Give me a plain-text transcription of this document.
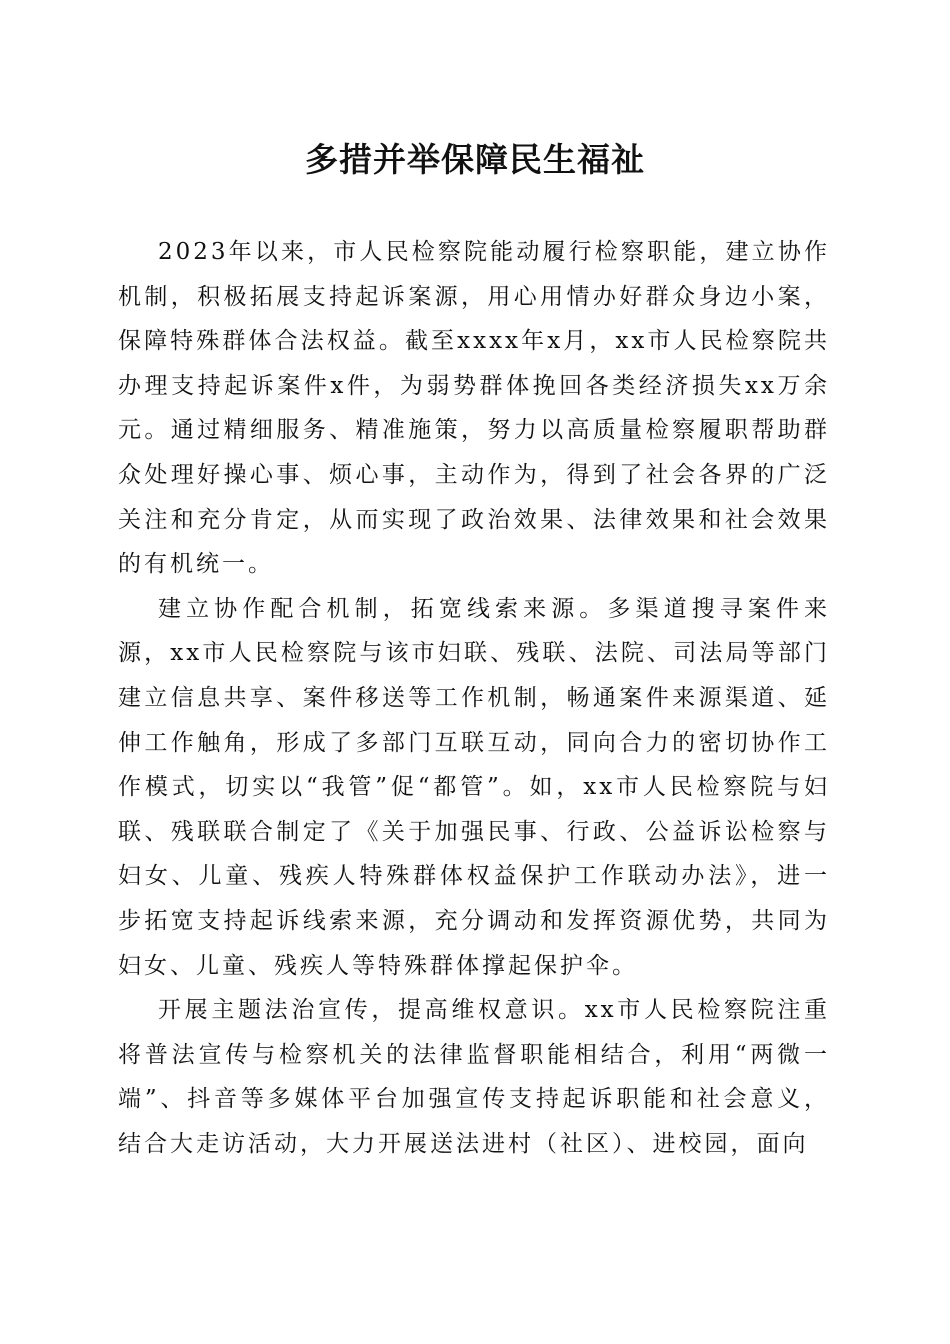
多措并举保障民生福祉

2023年以来，市人民检察院能动履行检察职能，建立协作机制，积极拓展支持起诉案源，用心用情办好群众身边小案，保障特殊群体合法权益。截至xxxx年x月，xx市人民检察院共办理支持起诉案件x件，为弱势群体挽回各类经济损失xx万余元。通过精细服务、精准施策，努力以高质量检察履职帮助群众处理好操心事、烦心事，主动作为，得到了社会各界的广泛关注和充分肯定，从而实现了政治效果、法律效果和社会效果的有机统一。

建立协作配合机制，拓宽线索来源。多渠道搜寻案件来源，xx市人民检察院与该市妇联、残联、法院、司法局等部门建立信息共享、案件移送等工作机制，畅通案件来源渠道、延伸工作触角，形成了多部门互联互动，同向合力的密切协作工作模式，切实以“我管”促“都管”。如，xx市人民检察院与妇联、残联联合制定了《关于加强民事、行政、公益诉讼检察与妇女、儿童、残疾人特殊群体权益保护工作联动办法》，进一步拓宽支持起诉线索来源，充分调动和发挥资源优势，共同为妇女、儿童、残疾人等特殊群体撑起保护伞。

开展主题法治宣传，提高维权意识。xx市人民检察院注重将普法宣传与检察机关的法律监督职能相结合，利用“两微一端”、抖音等多媒体平台加强宣传支持起诉职能和社会意义，结合大走访活动，大力开展送法进村（社区）、进校园，面向
